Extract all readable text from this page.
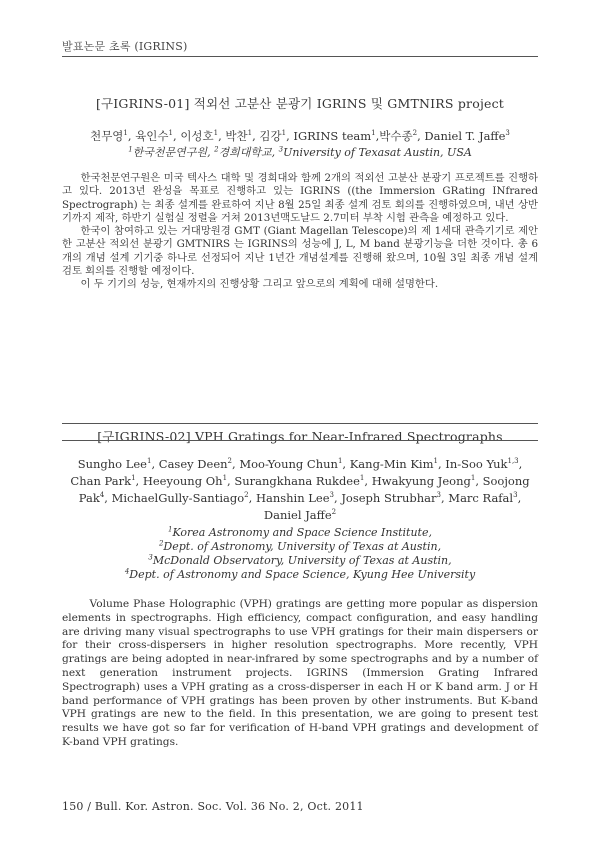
발표논문 초록 (IGRINS)
[구IGRINS-01] 적외선 고분산 분광기 IGRINS 및 GMTNIRS project
천무영$^1$, 육인수$^1$, 이성호$^1$, 박찬$^1$, 김강$^1$, IGRINS team$^1$,박수종$^2$, Daniel T. Jaffe$^3$
$^1$한국천문연구원, $^2$경희대학교, $^3$University of Texasat Austin, USA

한국천문연구원은 미국 텍사스 대학 및 경희대와 함께 2개의 적외선 고분산 분광기 프로젝트를 진행하고 있다. 2013년 완성을 목표로 진행하고 있는 IGRINS ((the Immersion GRating INfrared Spectrograph) 는 최종 설계를 완료하여 지난 8월 25일 최종 설계 검토 회의를 진행하였으며, 내년 상반기까지 제작, 하반기 실험실 정렬을 거쳐 2013년맥도날드 2.7미터 부착 시험 관측을 예정하고 있다.

한국이 참여하고 있는 거대망원경 GMT (Giant Magellan Telescope)의 제 1세대 관측기기로 제안한 고분산 적외선 분광기 GMTNIRS 는 IGRINS의 성능에 J, L, M band 분광기능을 더한 것이다. 총 6개의 개념 설계 기기중 하나로 선정되어 지난 1년간 개념설계를 진행해 왔으며, 10월 3일 최종 개념 설계 검토 회의를 진행할 예정이다.

이 두 기기의 성능, 현재까지의 진행상황 그리고 앞으로의 계획에 대해 설명한다.

[구IGRINS-02] VPH Gratings for Near-Infrared Spectrographs
Sungho Lee$^1$, Casey Deen$^2$, Moo-Young Chun$^1$, Kang-Min Kim$^1$, In-Soo Yuk$^{1,3}$, Chan Park$^1$, Heeyoung Oh$^1$, Surangkhana Rukdee$^1$, Hwakyung Jeong$^1$, Soojong Pak$^4$, MichaelGully-Santiago$^2$, Hanshin Lee$^3$, Joseph Strubhar$^3$, Marc Rafal$^3$,
Daniel Jaffe$^2$
$^1$Korea Astronomy and Space Science Institute,
$^2$Dept. of Astronomy, University of Texas at Austin,
$^3$McDonald Observatory, University of Texas at Austin,
$^4$Dept. of Astronomy and Space Science, Kyung Hee University

Volume Phase Holographic (VPH) gratings are getting more popular as dispersion elements in spectrographs. High efficiency, compact configuration, and easy handling are driving many visual spectrographs to use VPH gratings for their main dispersers or for their cross-dispersers in higher resolution spectrographs. More recently, VPH gratings are being adopted in near-infrared by some spectrographs and by a number of next generation instrument projects. IGRINS (Immersion Grating Infrared Spectrograph) uses a VPH grating as a cross-disperser in each H or K band arm. J or H band performance of VPH gratings has been proven by other instruments. But K-band VPH gratings are new to the field. In this presentation, we are going to present test results we have got so far for verification of H-band VPH gratings and development of K-band VPH gratings.

150 / Bull. Kor. Astron. Soc. Vol. 36 No. 2, Oct. 2011
